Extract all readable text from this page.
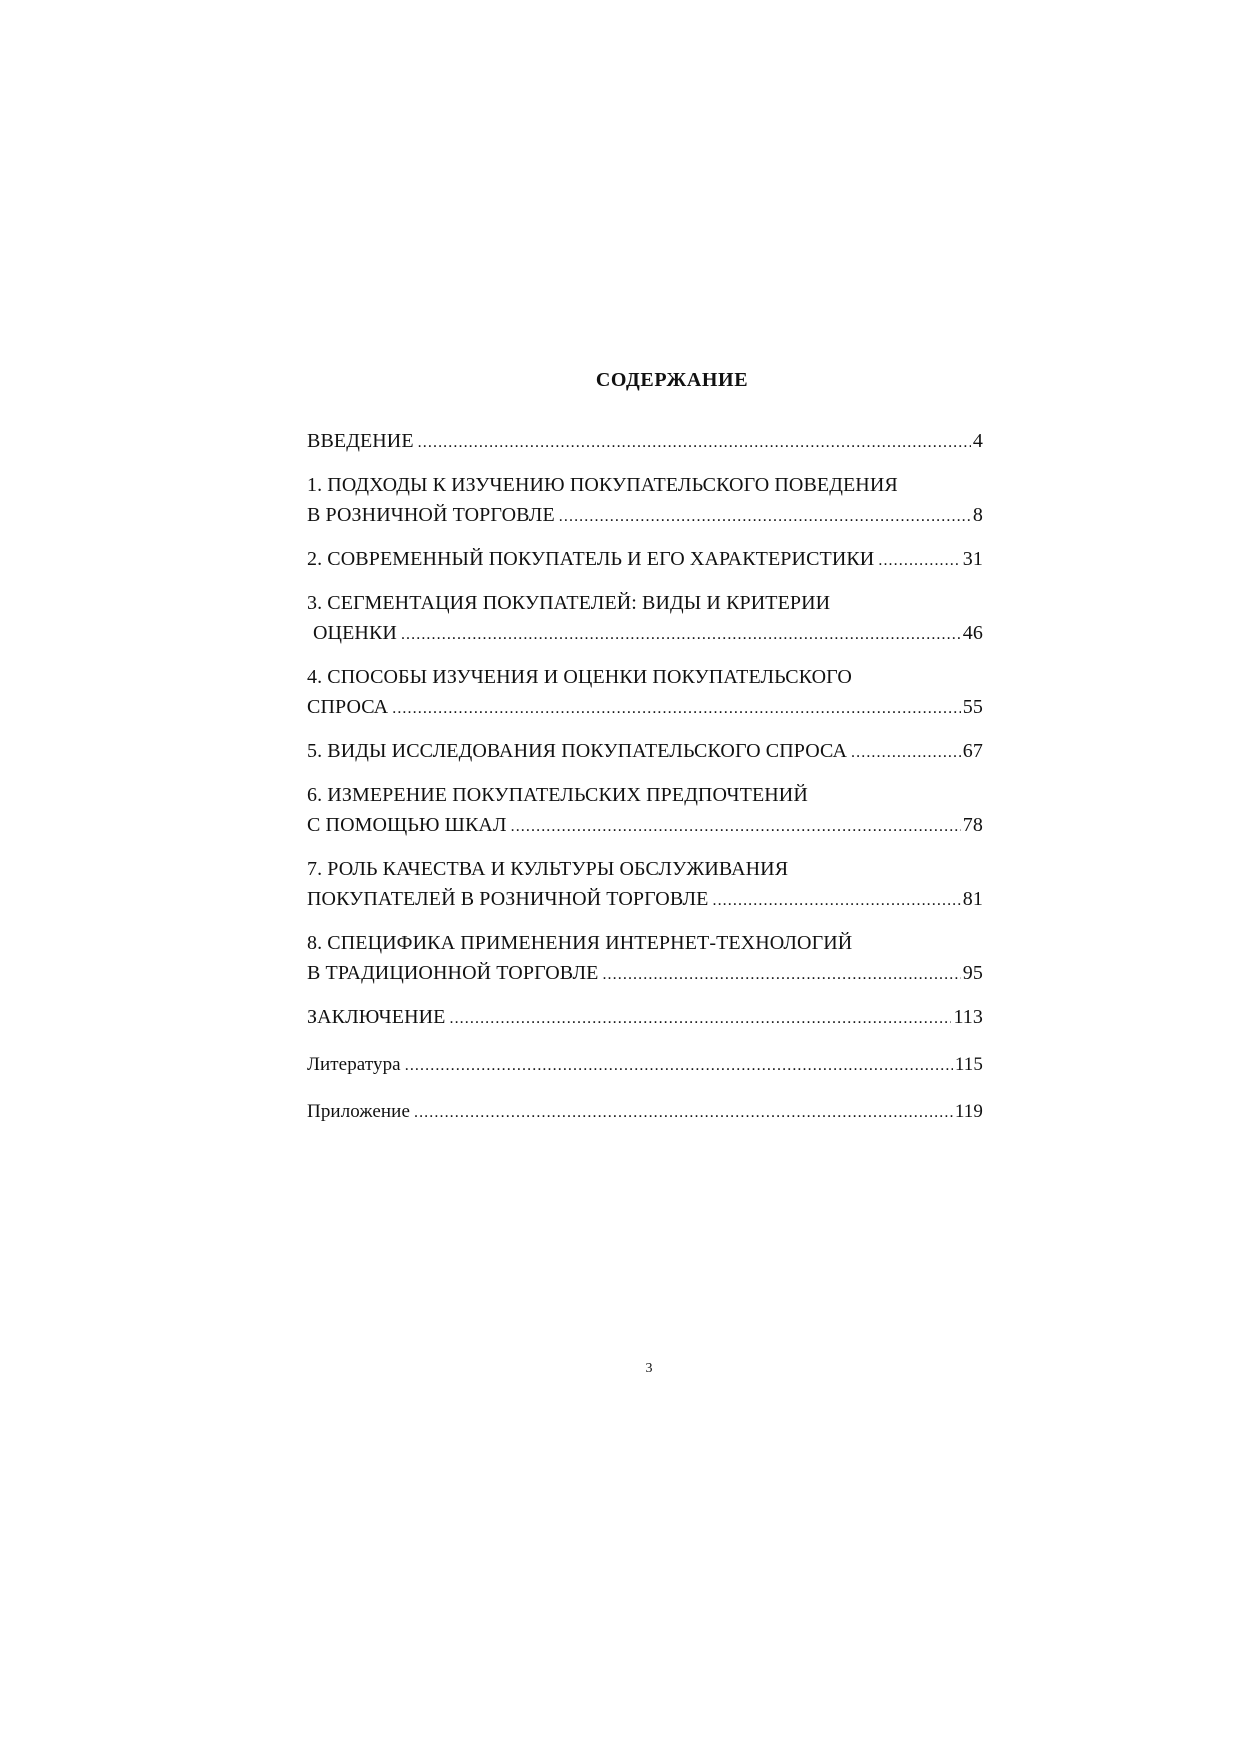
СОДЕРЖАНИЕ
ВВЕДЕНИЕ .....	4
1. ПОДХОДЫ К ИЗУЧЕНИЮ ПОКУПАТЕЛЬСКОГО ПОВЕДЕНИЯ
В РОЗНИЧНОЙ ТОРГОВЛЕ .....	8
2. СОВРЕМЕННЫЙ ПОКУПАТЕЛЬ И ЕГО ХАРАКТЕРИСТИКИ .....	31
3. СЕГМЕНТАЦИЯ ПОКУПАТЕЛЕЙ: ВИДЫ И КРИТЕРИИ
ОЦЕНКИ .....	46
4. СПОСОБЫ ИЗУЧЕНИЯ И ОЦЕНКИ ПОКУПАТЕЛЬСКОГО
СПРОСА .....	55
5. ВИДЫ ИССЛЕДОВАНИЯ ПОКУПАТЕЛЬСКОГО СПРОСА .....	67
6. ИЗМЕРЕНИЕ ПОКУПАТЕЛЬСКИХ ПРЕДПОЧТЕНИЙ
С ПОМОЩЬЮ ШКАЛ .....	78
7. РОЛЬ КАЧЕСТВА И КУЛЬТУРЫ ОБСЛУЖИВАНИЯ
ПОКУПАТЕЛЕЙ В РОЗНИЧНОЙ ТОРГОВЛЕ .....	81
8. СПЕЦИФИКА ПРИМЕНЕНИЯ ИНТЕРНЕТ-ТЕХНОЛОГИЙ
В ТРАДИЦИОННОЙ ТОРГОВЛЕ .....	95
ЗАКЛЮЧЕНИЕ .....	113
Литература .....	115
Приложение .....	119
3
